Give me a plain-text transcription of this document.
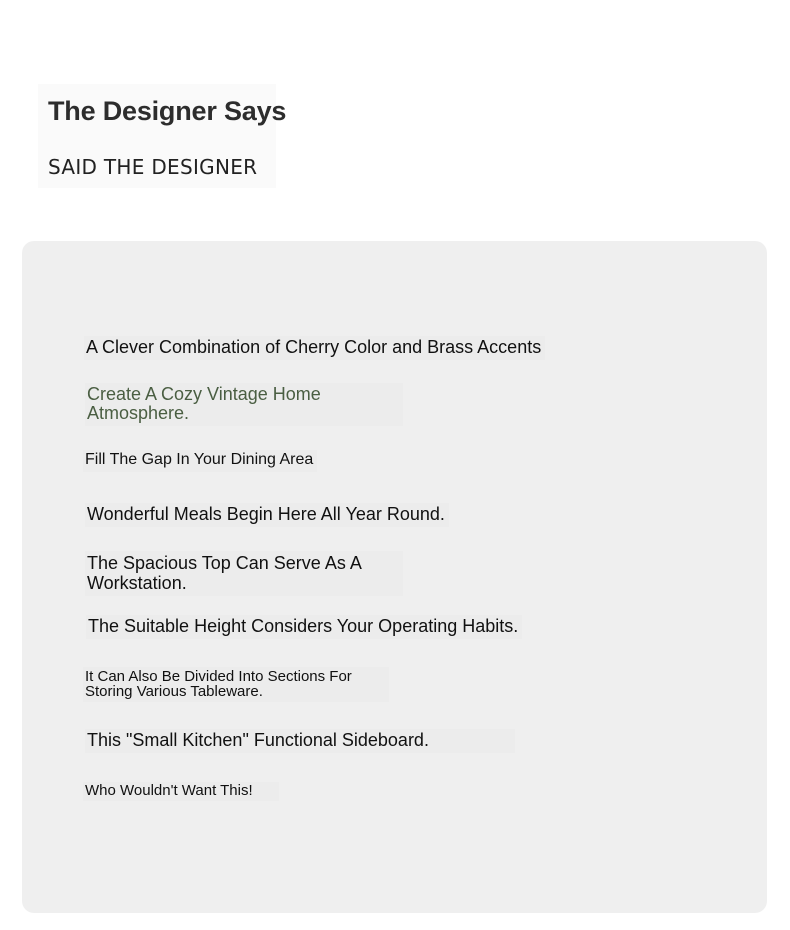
The Designer Says
SAID THE DESIGNER

A Clever Combination of Cherry Color and Brass Accents

Create A Cozy Vintage Home Atmosphere.

Fill The Gap In Your Dining Area

Wonderful Meals Begin Here All Year Round.

The Spacious Top Can Serve As A Workstation.

The Suitable Height Considers Your Operating Habits.

It Can Also Be Divided Into Sections For Storing Various Tableware.

This "Small Kitchen" Functional Sideboard.

Who Wouldn't Want This!
